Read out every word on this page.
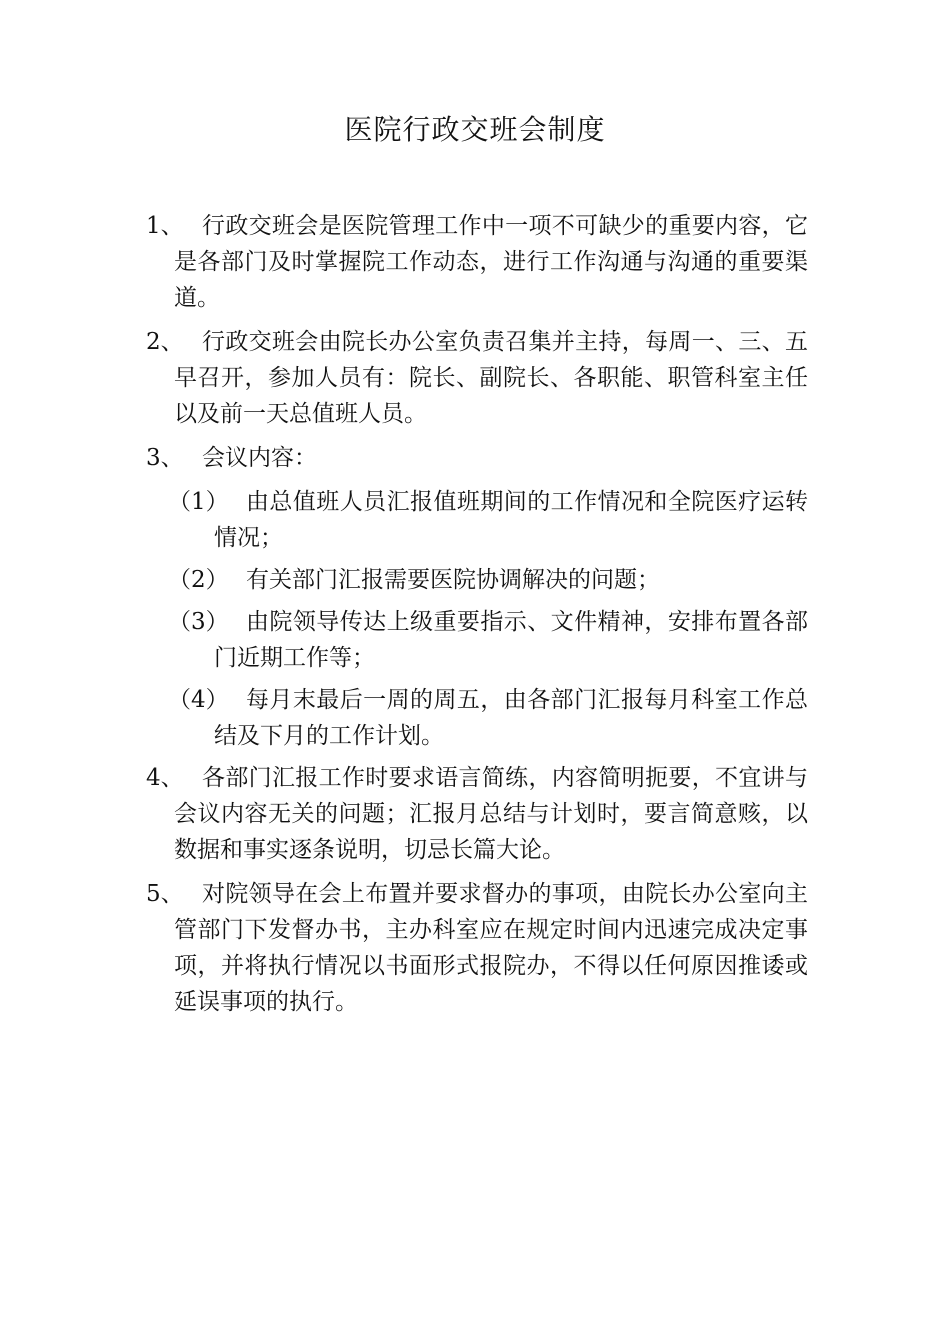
医院行政交班会制度
1、 行政交班会是医院管理工作中一项不可缺少的重要内容，它是各部门及时掌握院工作动态，进行工作沟通与沟通的重要渠道。
2、 行政交班会由院长办公室负责召集并主持，每周一、三、五早召开，参加人员有：院长、副院长、各职能、职管科室主任以及前一天总值班人员。
3、 会议内容：
（1） 由总值班人员汇报值班期间的工作情况和全院医疗运转情况；
（2） 有关部门汇报需要医院协调解决的问题；
（3） 由院领导传达上级重要指示、文件精神，安排布置各部门近期工作等；
（4） 每月末最后一周的周五，由各部门汇报每月科室工作总结及下月的工作计划。
4、 各部门汇报工作时要求语言简练，内容简明扼要，不宜讲与会议内容无关的问题；汇报月总结与计划时，要言简意赅，以数据和事实逐条说明，切忌长篇大论。
5、 对院领导在会上布置并要求督办的事项，由院长办公室向主管部门下发督办书，主办科室应在规定时间内迅速完成决定事项，并将执行情况以书面形式报院办，不得以任何原因推诿或延误事项的执行。
